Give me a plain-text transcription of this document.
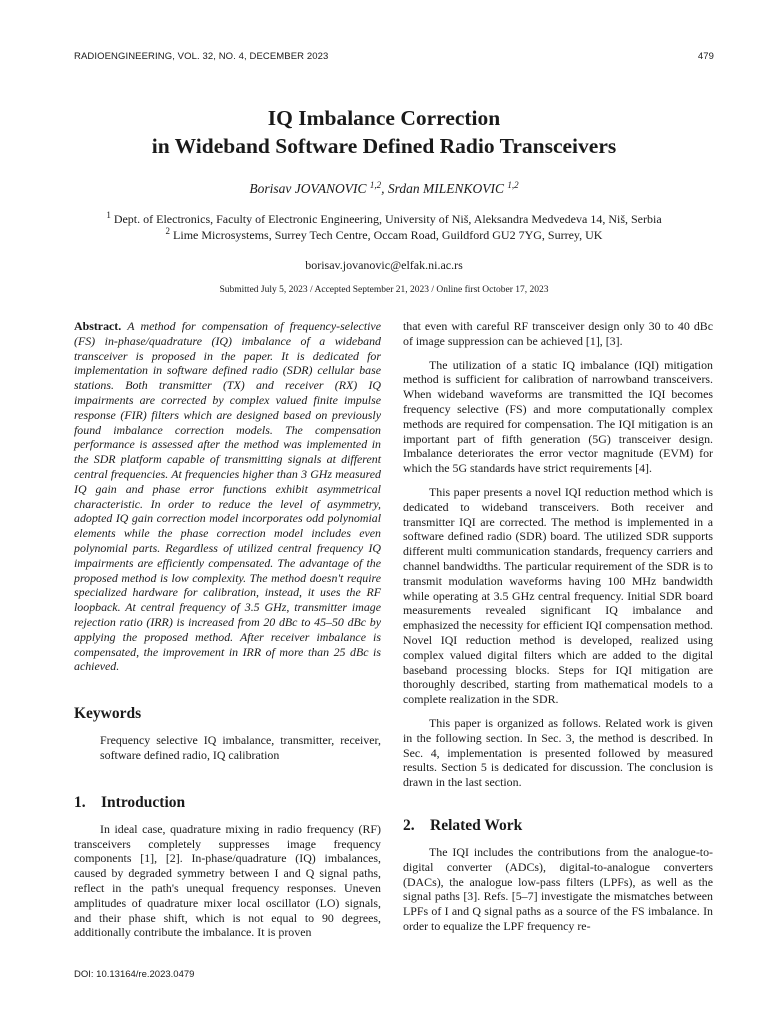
RADIOENGINEERING, VOL. 32, NO. 4, DECEMBER 2023	479
IQ Imbalance Correction
in Wideband Software Defined Radio Transceivers
Borisav JOVANOVIC $^{1,2}$, Srdan MILENKOVIC $^{1,2}$
$^1$ Dept. of Electronics, Faculty of Electronic Engineering, University of Niš, Aleksandra Medvedeva 14, Niš, Serbia
$^2$ Lime Microsystems, Surrey Tech Centre, Occam Road, Guildford GU2 7YG, Surrey, UK
borisav.jovanovic@elfak.ni.ac.rs
Submitted July 5, 2023 / Accepted September 21, 2023 / Online first October 17, 2023

Abstract. A method for compensation of frequency-selective (FS) in-phase/quadrature (IQ) imbalance of a wideband transceiver is proposed in the paper. It is dedicated for implementation in software defined radio (SDR) cellular base stations. Both transmitter (TX) and receiver (RX) IQ impairments are corrected by complex valued finite impulse response (FIR) filters which are designed based on previously found imbalance correction models. The compensation performance is assessed after the method was implemented in the SDR platform capable of transmitting signals at different central frequencies. At frequencies higher than 3 GHz measured IQ gain and phase error functions exhibit asymmetrical characteristic. In order to reduce the level of asymmetry, adopted IQ gain correction model incorporates odd polynomial elements while the phase correction model includes even polynomial parts. Regardless of utilized central frequency IQ impairments are efficiently compensated. The advantage of the proposed method is low complexity. The method doesn't require specialized hardware for calibration, instead, it uses the RF loopback. At central frequency of 3.5 GHz, transmitter image rejection ratio (IRR) is increased from 20 dBc to 45–50 dBc by applying the proposed method. After receiver imbalance is compensated, the improvement in IRR of more than 25 dBc is achieved.

Keywords

Frequency selective IQ imbalance, transmitter, receiver, software defined radio, IQ calibration

1. Introduction

In ideal case, quadrature mixing in radio frequency (RF) transceivers completely suppresses image frequency components [1], [2]. In-phase/quadrature (IQ) imbalances, caused by degraded symmetry between I and Q signal paths, reflect in the path's unequal frequency responses. Uneven amplitudes of quadrature mixer local oscillator (LO) signals, and their phase shift, which is not equal to 90 degrees, additionally contribute the imbalance. It is proven

that even with careful RF transceiver design only 30 to 40 dBc of image suppression can be achieved [1], [3].

The utilization of a static IQ imbalance (IQI) mitigation method is sufficient for calibration of narrowband transceivers. When wideband waveforms are transmitted the IQI becomes frequency selective (FS) and more computationally complex methods are required for compensation. The IQI mitigation is an important part of fifth generation (5G) transceiver design. Imbalance deteriorates the error vector magnitude (EVM) for which the 5G standards have strict requirements [4].

This paper presents a novel IQI reduction method which is dedicated to wideband transceivers. Both receiver and transmitter IQI are corrected. The method is implemented in a software defined radio (SDR) board. The utilized SDR supports different multi communication standards, frequency carriers and channel bandwidths. The particular requirement of the SDR is to transmit modulation waveforms having 100 MHz bandwidth while operating at 3.5 GHz central frequency. Initial SDR board measurements revealed significant IQ imbalance and emphasized the necessity for efficient IQI compensation method. Novel IQI reduction method is developed, realized using complex valued digital filters which are added to the digital baseband processing blocks. Steps for IQI mitigation are thoroughly described, starting from mathematical models to a complete realization in the SDR.

This paper is organized as follows. Related work is given in the following section. In Sec. 3, the method is described. In Sec. 4, implementation is presented followed by measured results. Section 5 is dedicated for discussion. The conclusion is drawn in the last section.

2. Related Work

The IQI includes the contributions from the analogue-to-digital converter (ADCs), digital-to-analogue converters (DACs), the analogue low-pass filters (LPFs), as well as the signal paths [3]. Refs. [5–7] investigate the mismatches between LPFs of I and Q signal paths as a source of the FS imbalance. In order to equalize the LPF frequency re-

DOI: 10.13164/re.2023.0479
